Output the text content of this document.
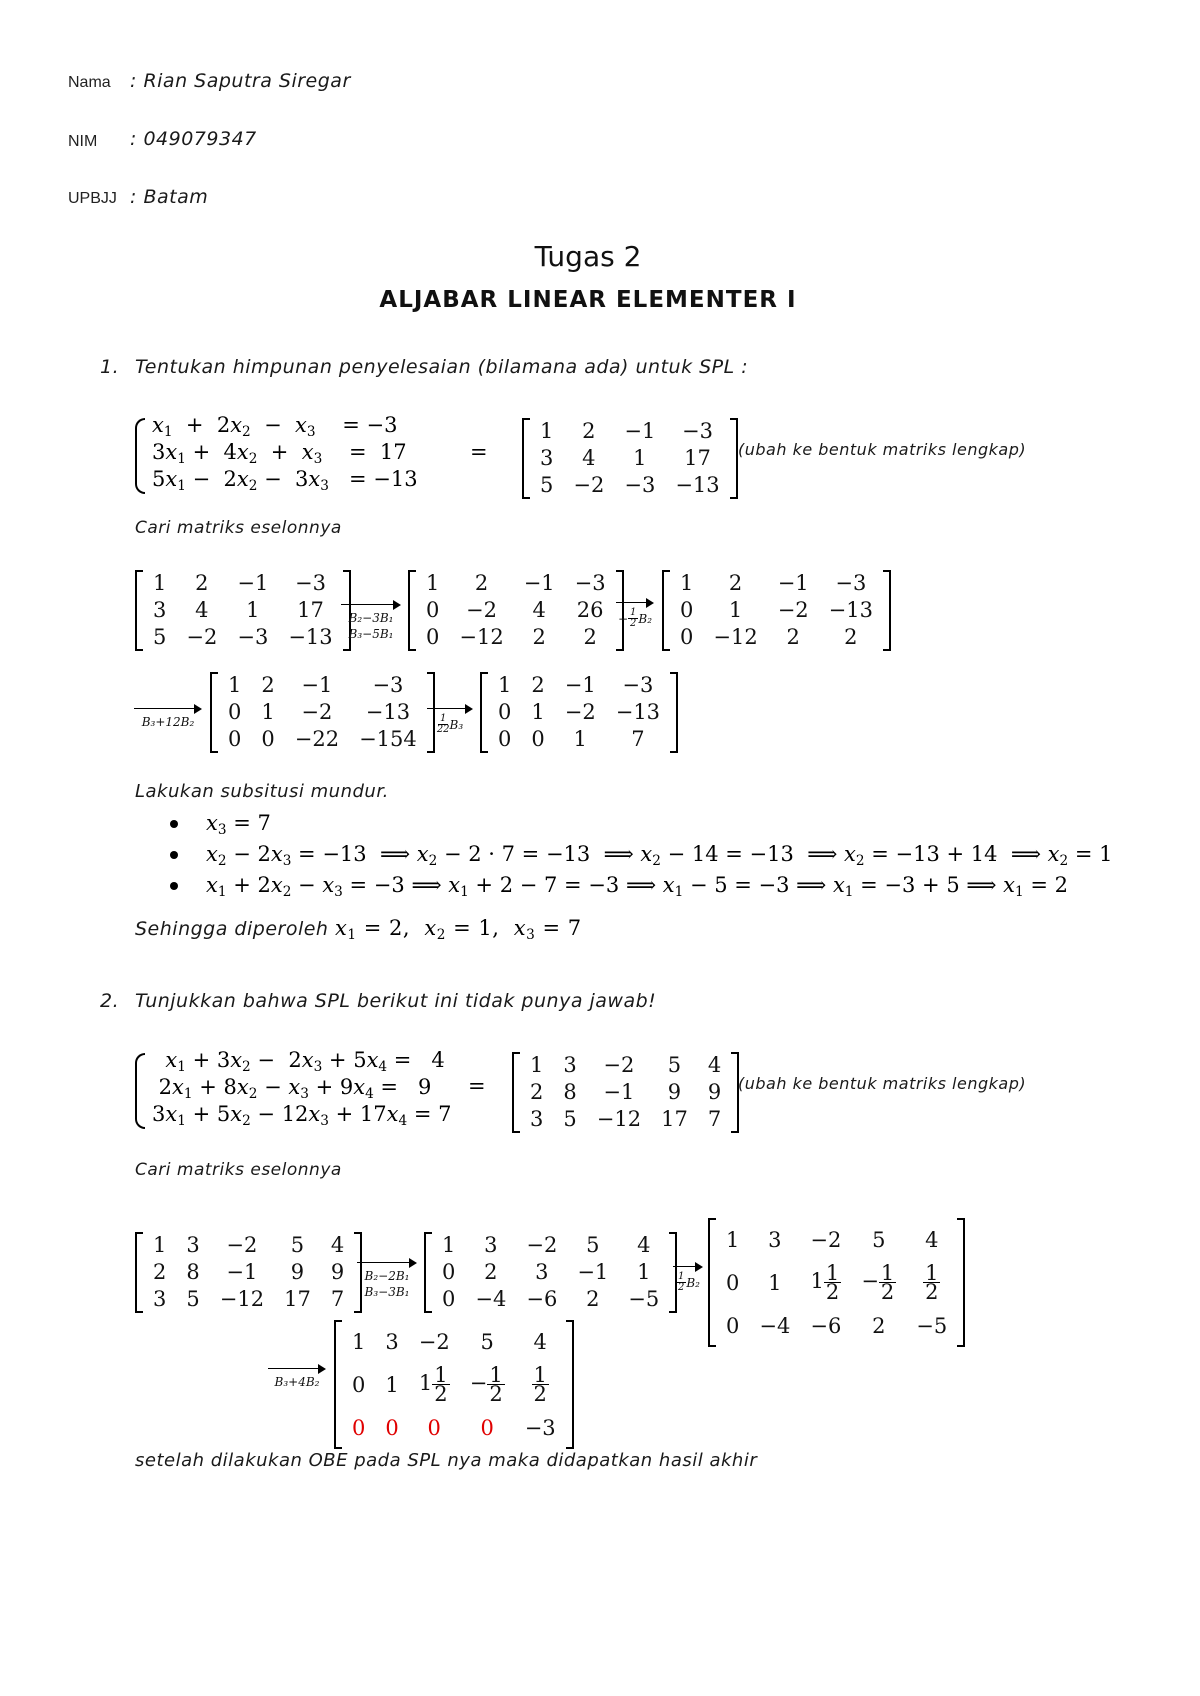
Nama : Rian Saputra Siregar
NIM : 049079347
UPBJJ : Batam
Tugas 2
ALJABAR LINEAR ELEMENTER I
1. Tentukan himpunan penyelesaian (bilamana ada) untuk SPL :
$x_1 + 2x_2 - x_3$    = −3
$3x_1 + 4x_2 + x_3$    =  17
$5x_1 - 2x_2 - 3x_3 = -13$
=
1	2	−1	−3
3	4	1	17
5	−2	−3	−13
(ubah ke bentuk matriks lengkap)
Cari matriks eselonnya
1	2	−1	−3
3	4	1	17
5	−2	−3	−13
B₂−3B₁
B₃−5B₁
1	2	−1	−3
0	−2	4	26
0	−12	2	2
− $\frac{1}{2} B_2$
1	2	−1	−3
0	1	−2	−13
0	−12	2	2
B₃+12B₂
1	2	−1	−3
0	1	−2	−13
0	0	−22	−154
$\frac{1}{22} B_3$
1	2	−1	−3
0	1	−2	−13
0	0	1	7
Lakukan subsitusi mundur.
$x_3 = 7$
$x_2 - 2x_3 = -13$  ⟹ $x_2 - 2 \cdot 7 = -13$  ⟹ $x_2 - 14 = -13$  ⟹ $x_2 = -13 + 14$  ⟹ $x_2 = 1$
$x_1 + 2x_2 - x_3 = -3$ ⟹ $x_1 + 2 - 7 = -3$ ⟹ $x_1 - 5 = -3$ ⟹ $x_1 = -3 + 5$ ⟹ $x_1 = 2$
Sehingga diperoleh $x_1 = 2$,  $x_2 = 1$,  $x_3 = 7$
2. Tunjukkan bahwa SPL berikut ini tidak punya jawab!
$x_1 + 3x_2 - 2x_3 + 5x_4 = 4$
$2x_1 + 8x_2 - x_3 + 9x_4 = 9$
$3x_1 + 5x_2 - 12x_3 + 17x_4 = 7$
=
1	3	−2	5	4
2	8	−1	9	9
3	5	−12	17	7
(ubah ke bentuk matriks lengkap)
Cari matriks eselonnya
1	3	−2	5	4
2	8	−1	9	9
3	5	−12	17	7
B₂−2B₁
B₃−3B₁
1	3	−2	5	4
0	2	3	−1	1
0	−4	−6	2	−5
$\frac{1}{2} B_2$
1	3	−2	5	4
0	1	$1 \frac{1}{2}$	− $\frac{1}{2}$	$\frac{1}{2}$

0	−4	−6	2	−5
B₃+4B₂
1	3	−2	5	4
0	1	$1 \frac{1}{2}$	− $\frac{1}{2}$	$\frac{1}{2}$

0	0	0	0	−3
setelah dilakukan OBE pada SPL nya maka didapatkan hasil akhir
